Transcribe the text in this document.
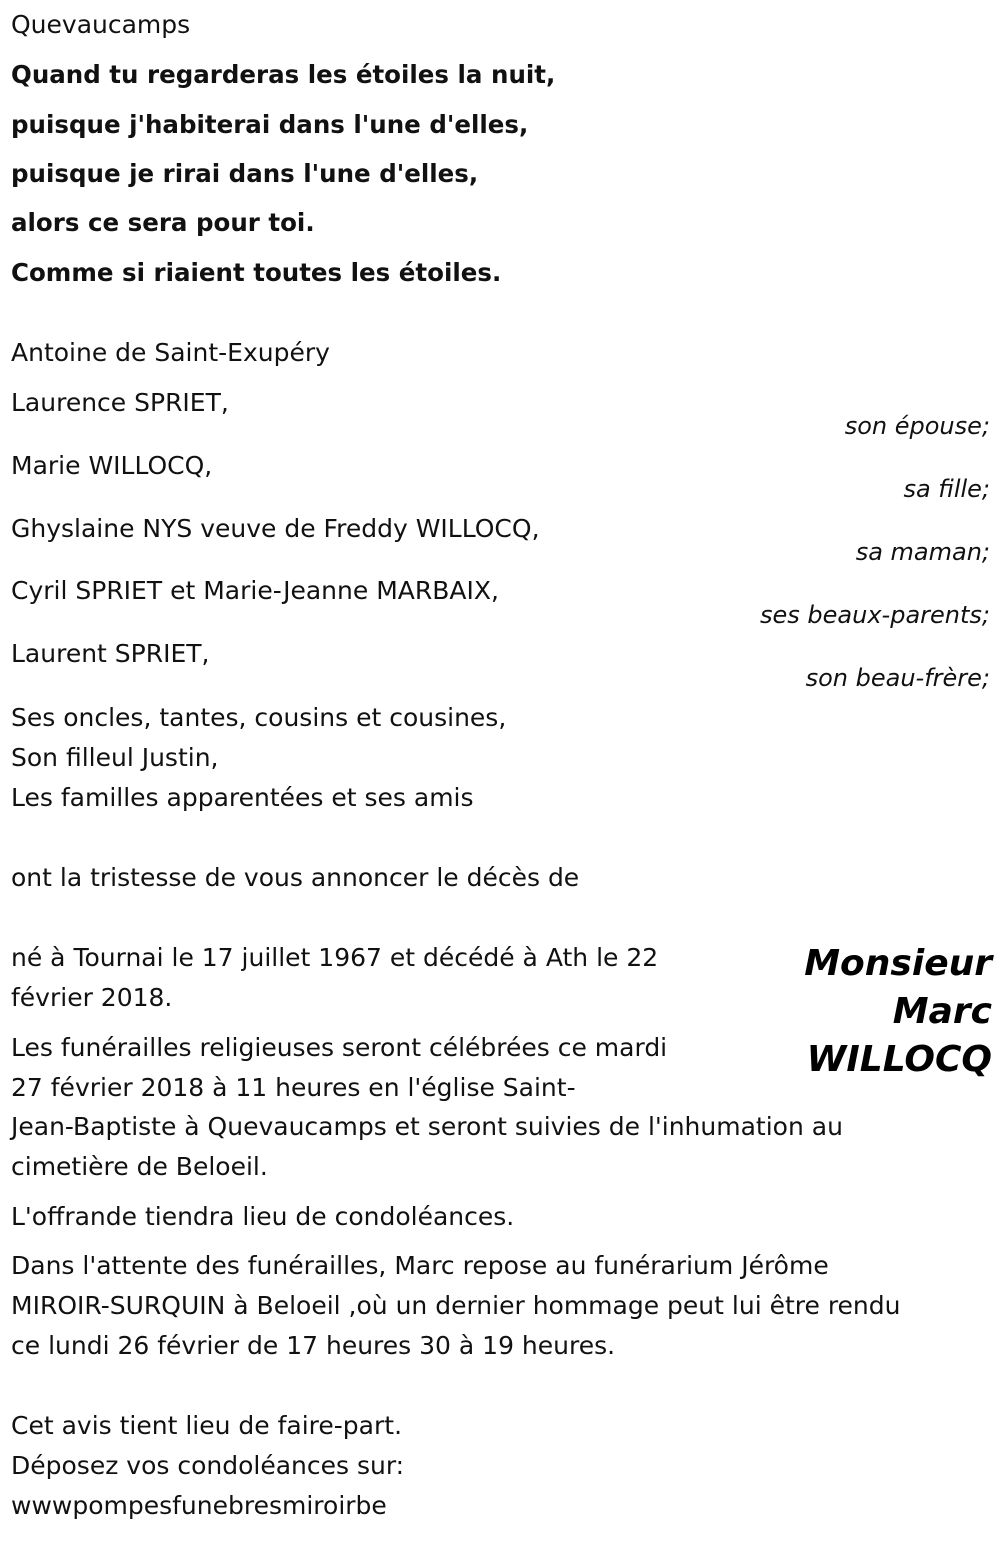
Quevaucamps
Quand tu regarderas les étoiles la nuit,
puisque j'habiterai dans l'une d'elles,
puisque je rirai dans l'une d'elles,
alors ce sera pour toi.
Comme si riaient toutes les étoiles.
Antoine de Saint-Exupéry
Laurence SPRIET,
son épouse;
Marie WILLOCQ,
sa fille;
Ghyslaine NYS veuve de Freddy WILLOCQ,
sa maman;
Cyril SPRIET et Marie-Jeanne MARBAIX,
ses beaux-parents;
Laurent SPRIET,
son beau-frère;
Ses oncles, tantes, cousins et cousines,
Son filleul Justin,
Les familles apparentées et ses amis
ont la tristesse de vous annoncer le décès de
né à Tournai le 17 juillet 1967 et décédé à Ath le 22
février 2018.
Les funérailles religieuses seront célébrées ce mardi
27 février 2018 à 11 heures en l'église Saint-
Jean-Baptiste à Quevaucamps et seront suivies de l'inhumation au
cimetière de Beloeil.
L'offrande tiendra lieu de condoléances.
Dans l'attente des funérailles, Marc repose au funérarium Jérôme
MIROIR-SURQUIN à Beloeil ,où un dernier hommage peut lui être rendu
ce lundi 26 février de 17 heures 30 à 19 heures.
Cet avis tient lieu de faire-part.
Déposez vos condoléances sur:
wwwpompesfunebresmiroirbe
Monsieur
Marc
WILLOCQ
